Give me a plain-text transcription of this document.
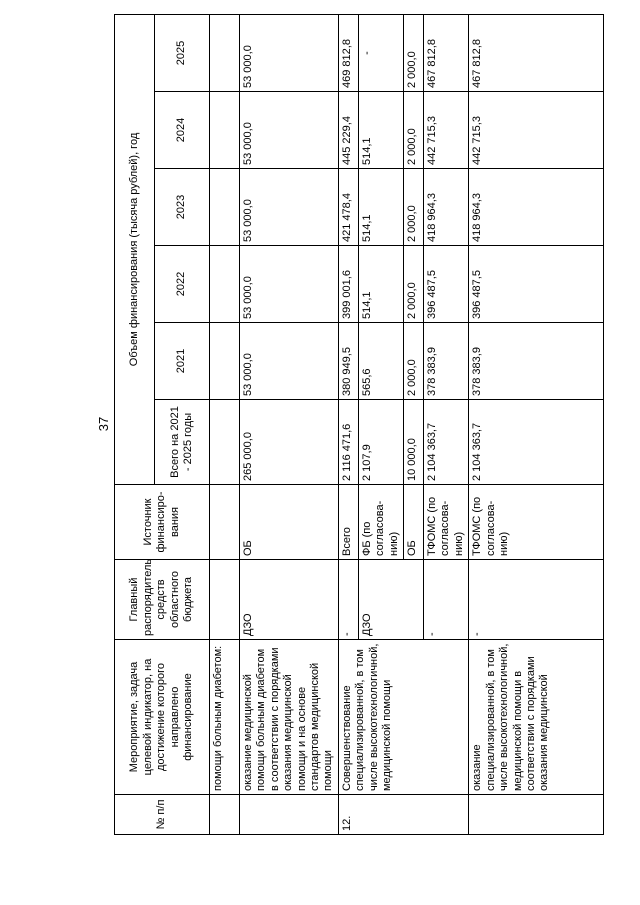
37
№ п/п	Мероприятие, задача целевой индикатор, на достижение которого направлено финансирование	Главный распорядитель средств областного бюджета	Источник финансиро-вания	Объем финансирования (тысяча рублей), год					
				Всего на 2021 - 2025 годы	2021	2022	2023	2024	2025
	помощи больным диабетом:								
	оказание медицинской помощи больным диабетом в соответствии с порядками оказания медицинской помощи и на основе стандартов медицинской помощи	ДЗО	ОБ	265 000,0	53 000,0	53 000,0	53 000,0	53 000,0	53 000,0
12.	Совершенствование специализированной, в том числе высокотехнологичной, медицинской помощи	-	Всего	2 116 471,6	380 949,5	399 001,6	421 478,4	445 229,4	469 812,8
		ДЗО	ФБ (по согласова-нию)	2 107,9	565,6	514,1	514,1	514,1	-
			ОБ	10 000,0	2 000,0	2 000,0	2 000,0	2 000,0	2 000,0
		-	ТФОМС (по согласова-нию)	2 104 363,7	378 383,9	396 487,5	418 964,3	442 715,3	467 812,8
	оказание специализированной, в том числе высокотехнологичной, медицинской помощи в соответствии с порядками оказания медицинской	-	ТФОМС (по согласова-нию)	2 104 363,7	378 383,9	396 487,5	418 964,3	442 715,3	467 812,8
